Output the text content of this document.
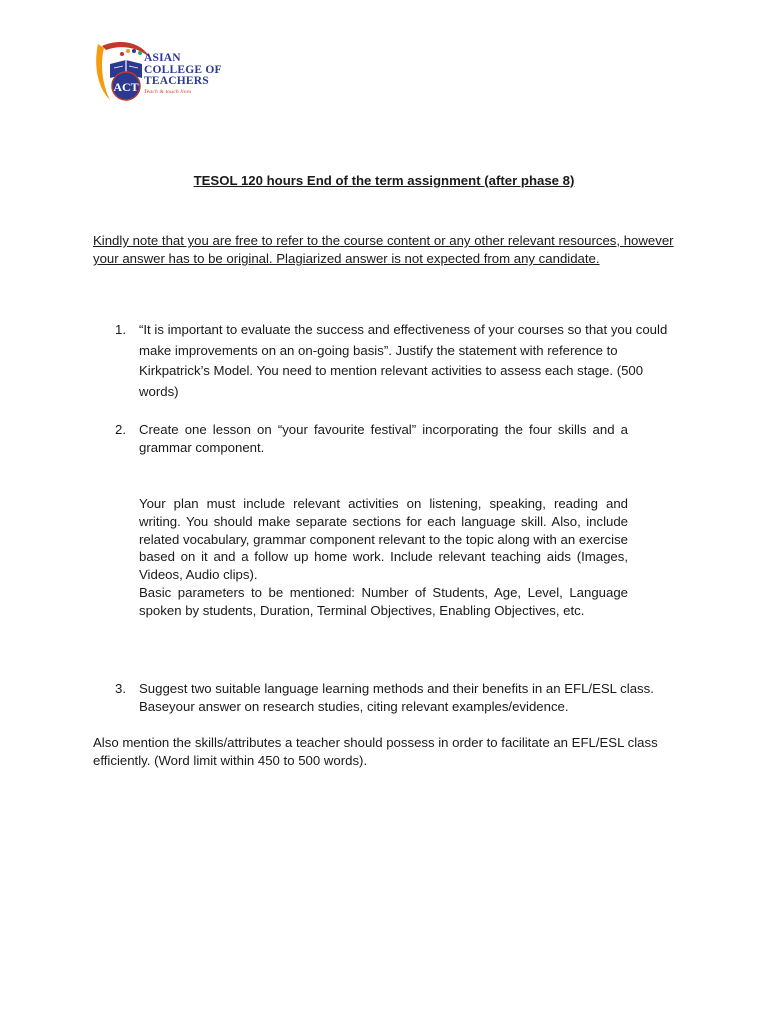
ACT
ASIAN
COLLEGE OF
TEACHERS
Teach & touch lives
TESOL 120 hours End of the term assignment (after phase 8)
Kindly note that you are free to refer to the course content or any other relevant resources, however your answer has to be original. Plagiarized answer is not expected from any candidate.
1. “It is important to evaluate the success and effectiveness of your courses so that you could make improvements on an on-going basis”. Justify the statement with reference to Kirkpatrick’s Model. You need to mention relevant activities to assess each stage. (500 words)
2. Create one lesson on “your favourite festival” incorporating the four skills and a grammar component.
Your plan must include relevant activities on listening, speaking, reading and writing. You should make separate sections for each language skill. Also, include related vocabulary, grammar component relevant to the topic along with an exercise based on it and a follow up home work. Include relevant teaching aids (Images, Videos, Audio clips).
Basic parameters to be mentioned: Number of Students, Age, Level, Language spoken by students, Duration, Terminal Objectives, Enabling Objectives, etc.
3. Suggest two suitable language learning methods and their benefits in an EFL/ESL class. Baseyour answer on research studies, citing relevant examples/evidence.
Also mention the skills/attributes a teacher should possess in order to facilitate an EFL/ESL class efficiently. (Word limit within 450 to 500 words).
